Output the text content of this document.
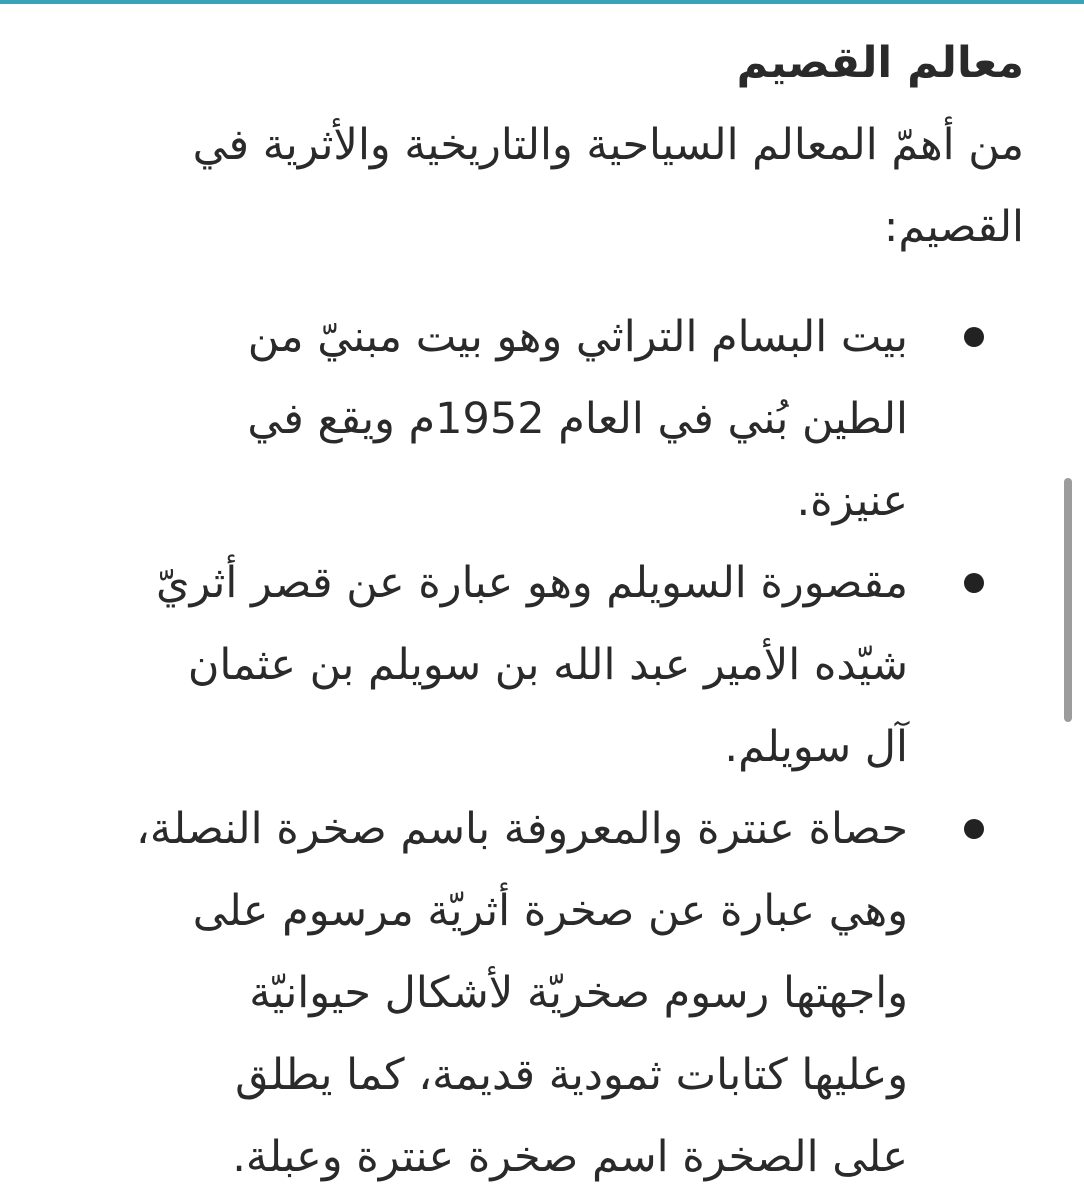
معالم القصيم

من أهمّ المعالم السياحية والتاريخية والأثرية في
القصيم:

بيت البسام التراثي وهو بيت مبنيّ من
الطين بُني في العام 1952م ويقع في
عنيزة.
مقصورة السويلم وهو عبارة عن قصر أثريّ
شيّده الأمير عبد الله بن سويلم بن عثمان
آل سويلم.
حصاة عنترة والمعروفة باسم صخرة النصلة،
وهي عبارة عن صخرة أثريّة مرسوم على
واجهتها رسوم صخريّة لأشكال حيوانيّة
وعليها كتابات ثمودية قديمة، كما يطلق
على الصخرة اسم صخرة عنترة وعبلة.
